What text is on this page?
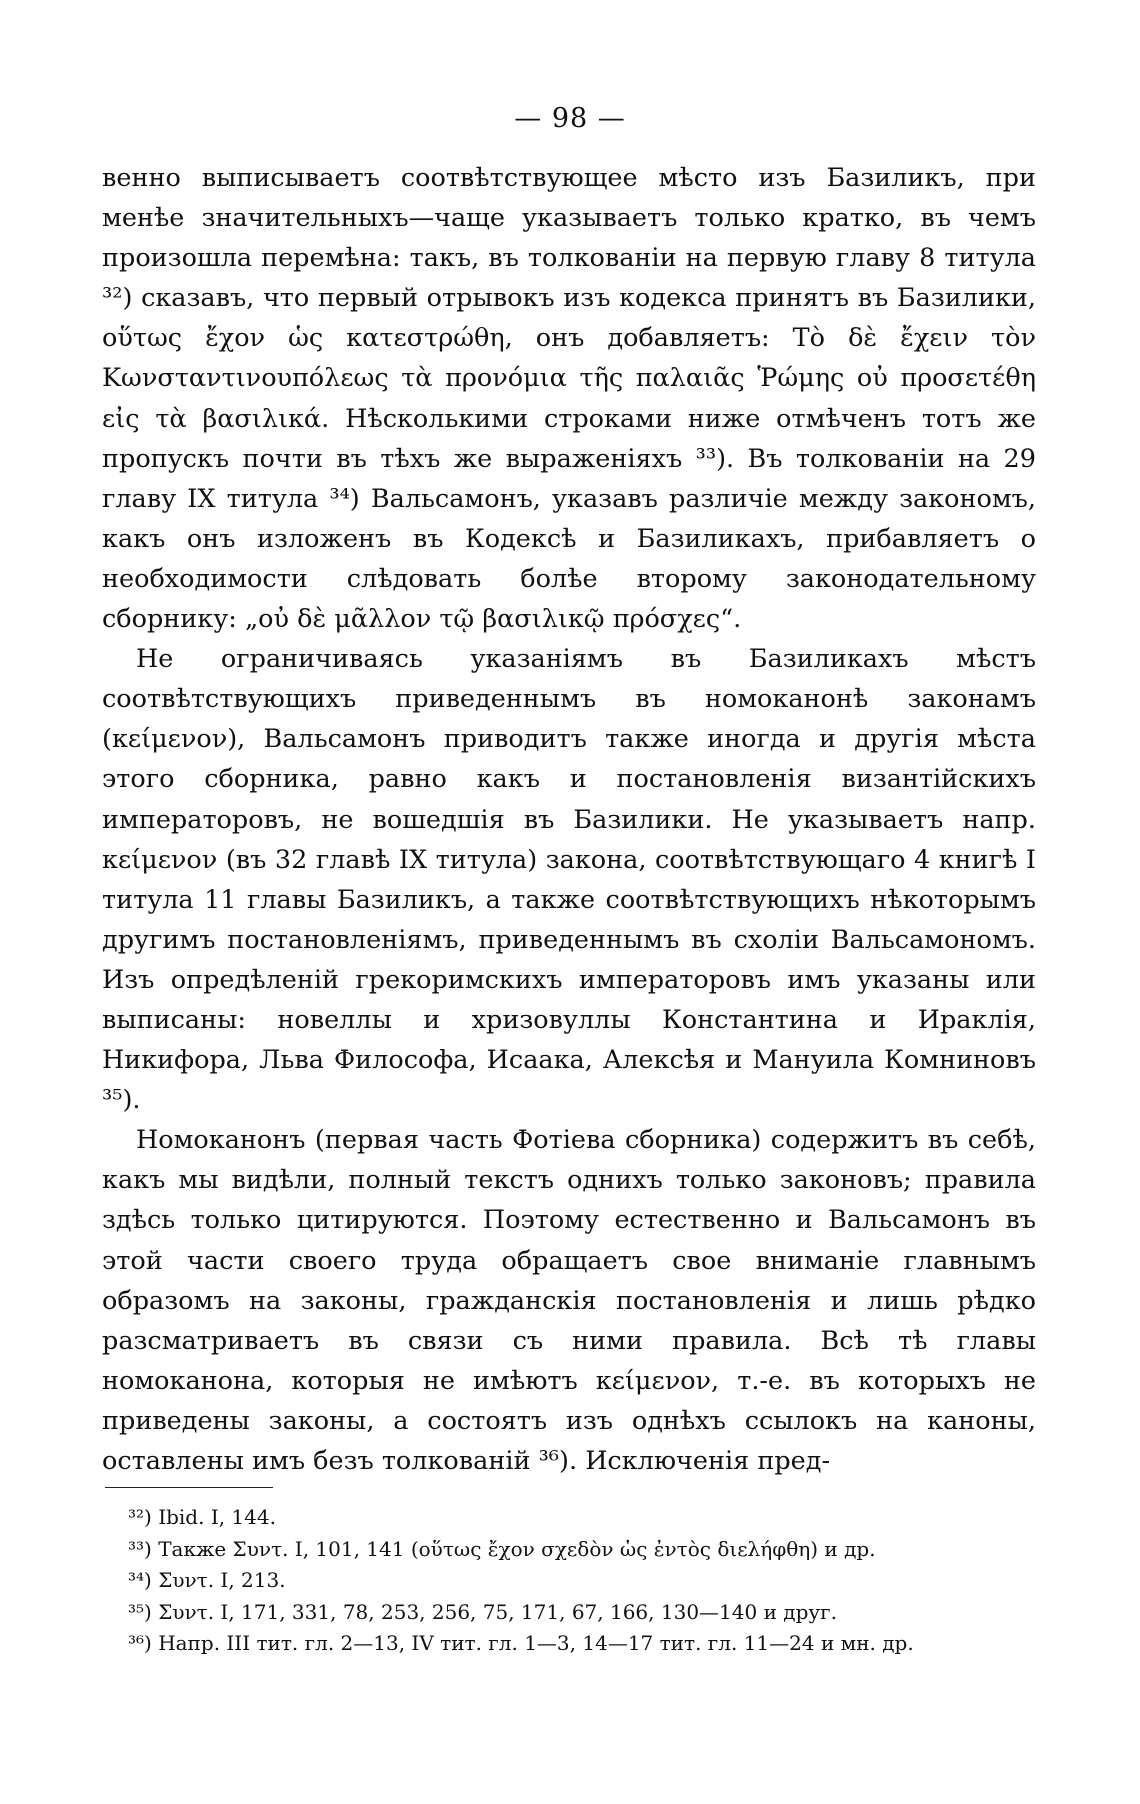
— 98 —

венно выписываетъ соотвѣтствующее мѣсто изъ Базиликъ, при менѣе значительныхъ—чаще указываетъ только кратко, въ чемъ произошла перемѣна: такъ, въ толкованіи на первую главу 8 титула ³²) сказавъ, что первый отрывокъ изъ кодекса принятъ въ Базилики, οὕτως ἔχον ὡς κατεστρώθη, онъ добавляетъ: Τὸ δὲ ἔχειν τὸν Κωνσταντινουπόλεως τὰ προνόμια τῆς παλαιᾶς Ῥώμης οὐ προσετέθη εἰς τὰ βασιλικά. Нѣсколькими строками ниже отмѣченъ тотъ же пропускъ почти въ тѣхъ же выраженіяхъ ³³). Въ толкованіи на 29 главу IX титула ³⁴) Вальсамонъ, указавъ различіе между закономъ, какъ онъ изложенъ въ Кодексѣ и Базиликахъ, прибавляетъ о необходимости слѣдовать болѣе второму законодательному сборнику: „οὐ δὲ μᾶλλον τῷ βασιλικῷ πρόσχες“.

Не ограничиваясь указаніямъ въ Базиликахъ мѣстъ соотвѣтствующихъ приведеннымъ въ номоканонѣ законамъ (κείμενον), Вальсамонъ приводитъ также иногда и другія мѣста этого сборника, равно какъ и постановленія византійскихъ императоровъ, не вошедшія въ Базилики. Не указываетъ напр. κείμενον (въ 32 главѣ IX титула) закона, соотвѣтствующаго 4 книгѣ I титула 11 главы Базиликъ, а также соотвѣтствующихъ нѣкоторымъ другимъ постановленіямъ, приведеннымъ въ схоліи Вальсамономъ. Изъ опредѣленій грекоримскихъ императоровъ имъ указаны или выписаны: новеллы и хризовуллы Константина и Ираклія, Никифора, Льва Философа, Исаака, Алексѣя и Мануила Комниновъ ³⁵).

Номоканонъ (первая часть Фотіева сборника) содержитъ въ себѣ, какъ мы видѣли, полный текстъ однихъ только законовъ; правила здѣсь только цитируются. Поэтому естественно и Вальсамонъ въ этой части своего труда обращаетъ свое вниманіе главнымъ образомъ на законы, гражданскія постановленія и лишь рѣдко разсматриваетъ въ связи съ ними правила. Всѣ тѣ главы номоканона, которыя не имѣютъ κείμενον, т.-е. въ которыхъ не приведены законы, а состоятъ изъ однѣхъ ссылокъ на каноны, оставлены имъ безъ толкованій ³⁶). Исключенія пред-

³²) Ibid. I, 144.
³³) Также Συντ. I, 101, 141 (οὕτως ἔχον σχεδὸν ὡς ἐντὸς διελήφθη) и др.
³⁴) Συντ. I, 213.
³⁵) Συντ. I, 171, 331, 78, 253, 256, 75, 171, 67, 166, 130—140 и друг.
³⁶) Напр. III тит. гл. 2—13, IV тит. гл. 1—3, 14—17 тит. гл. 11—24 и мн. др.
